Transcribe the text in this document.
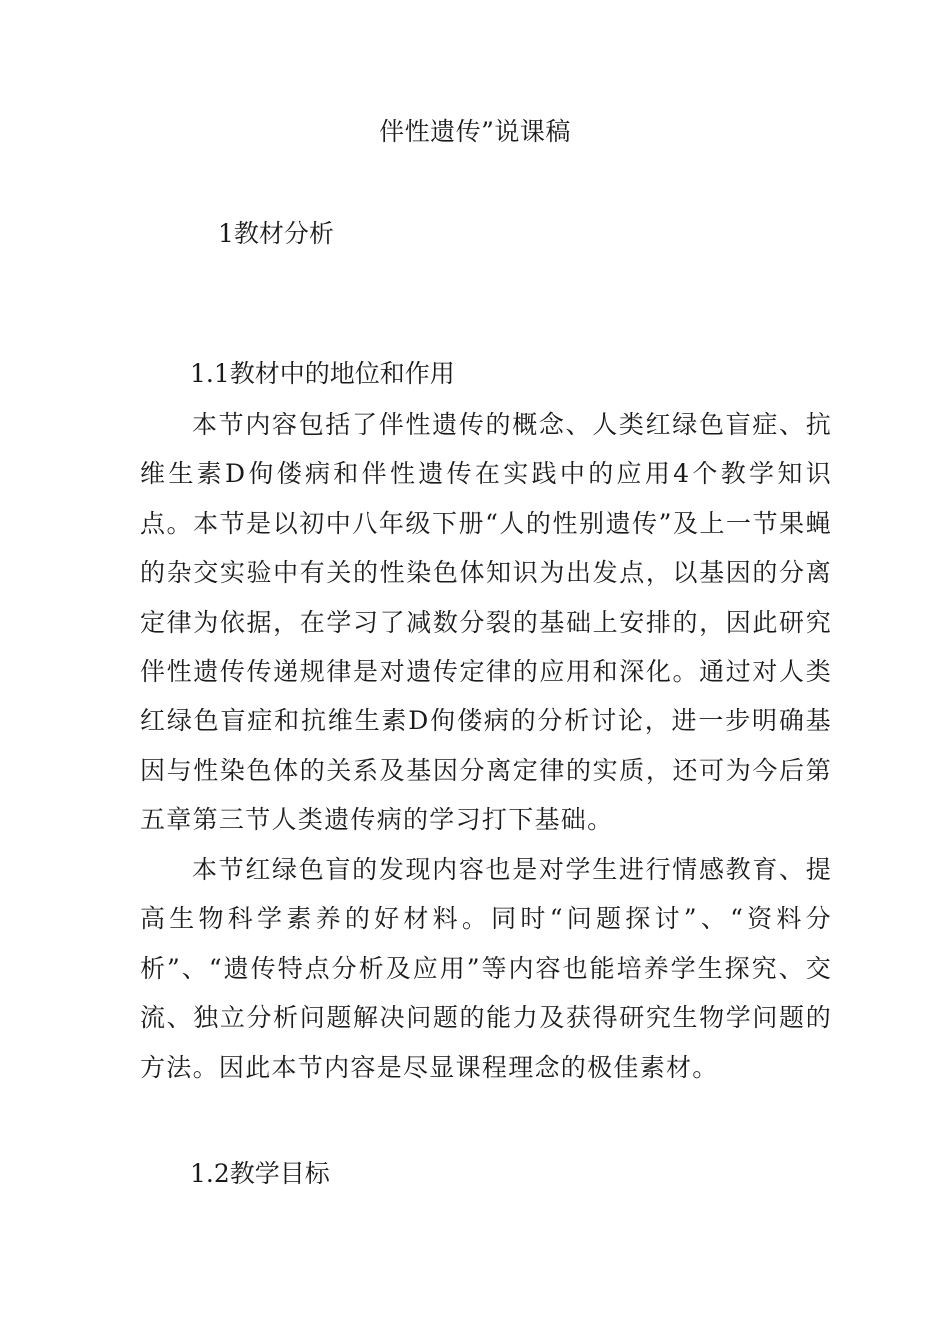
伴性遗传”说课稿
1教材分析
1.1教材中的地位和作用

本节内容包括了伴性遗传的概念、人类红绿色盲症、抗维生素D佝偻病和伴性遗传在实践中的应用4个教学知识点。本节是以初中八年级下册“人的性别遗传”及上一节果蝇的杂交实验中有关的性染色体知识为出发点，以基因的分离定律为依据，在学习了减数分裂的基础上安排的，因此研究伴性遗传传递规律是对遗传定律的应用和深化。通过对人类红绿色盲症和抗维生素D佝偻病的分析讨论，进一步明确基因与性染色体的关系及基因分离定律的实质，还可为今后第五章第三节人类遗传病的学习打下基础。

本节红绿色盲的发现内容也是对学生进行情感教育、提高生物科学素养的好材料。同时“问题探讨”、“资料分析”、“遗传特点分析及应用”等内容也能培养学生探究、交流、独立分析问题解决问题的能力及获得研究生物学问题的方法。因此本节内容是尽显课程理念的极佳素材。

1.2教学目标
